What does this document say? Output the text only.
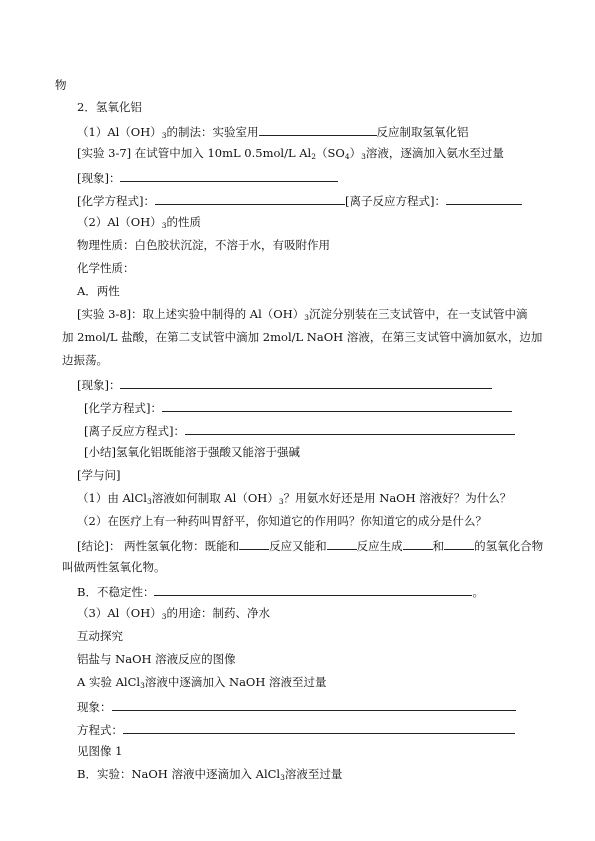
物
2．氢氧化铝
$(1)Al(OH)_3$的制法：实验室用	反应制取氢氧化铝
[实验 3-7] 在试管中加入 10mL 0.5mol/L $Al_2(SO_4)_3$溶液，逐滴加入氨水至过量
[现象]：
[化学方程式]：	[离子反应方程式]：
$(2)Al(OH)_3$的性质
物理性质：白色胶状沉淀，不溶于水，有吸附作用
化学性质：
A．两性
[实验 3-8]：取上述实验中制得的 $Al(OH)_3$沉淀分别装在三支试管中，在一支试管中滴
加 2mol/L 盐酸，在第二支试管中滴加 2mol/L NaOH 溶液，在第三支试管中滴加氨水，边加
边振荡。
[现象]：
[化学方程式]：
[离子反应方程式]：
[小结]氢氧化铝既能溶于强酸又能溶于强碱
[学与问]
（1）由 AlCl$_3$溶液如何制取 $Al(OH)_3$？用氨水好还是用 NaOH 溶液好？为什么？
（2）在医疗上有一种药叫胃舒平，你知道它的作用吗？你知道它的成分是什么？
[结论]： 两性氢氧化物：既能和	反应又能和	反应生成	和	的氢氧化合物
叫做两性氢氧化物。
B．不稳定性：	。
$(3)Al(OH)_3$的用途：制药、净水
互动探究
铝盐与 NaOH 溶液反应的图像
A 实验 AlCl$_3$溶液中逐滴加入 NaOH 溶液至过量
现象：
方程式：
见图像 1
B．实验：NaOH 溶液中逐滴加入 AlCl$_3$溶液至过量
